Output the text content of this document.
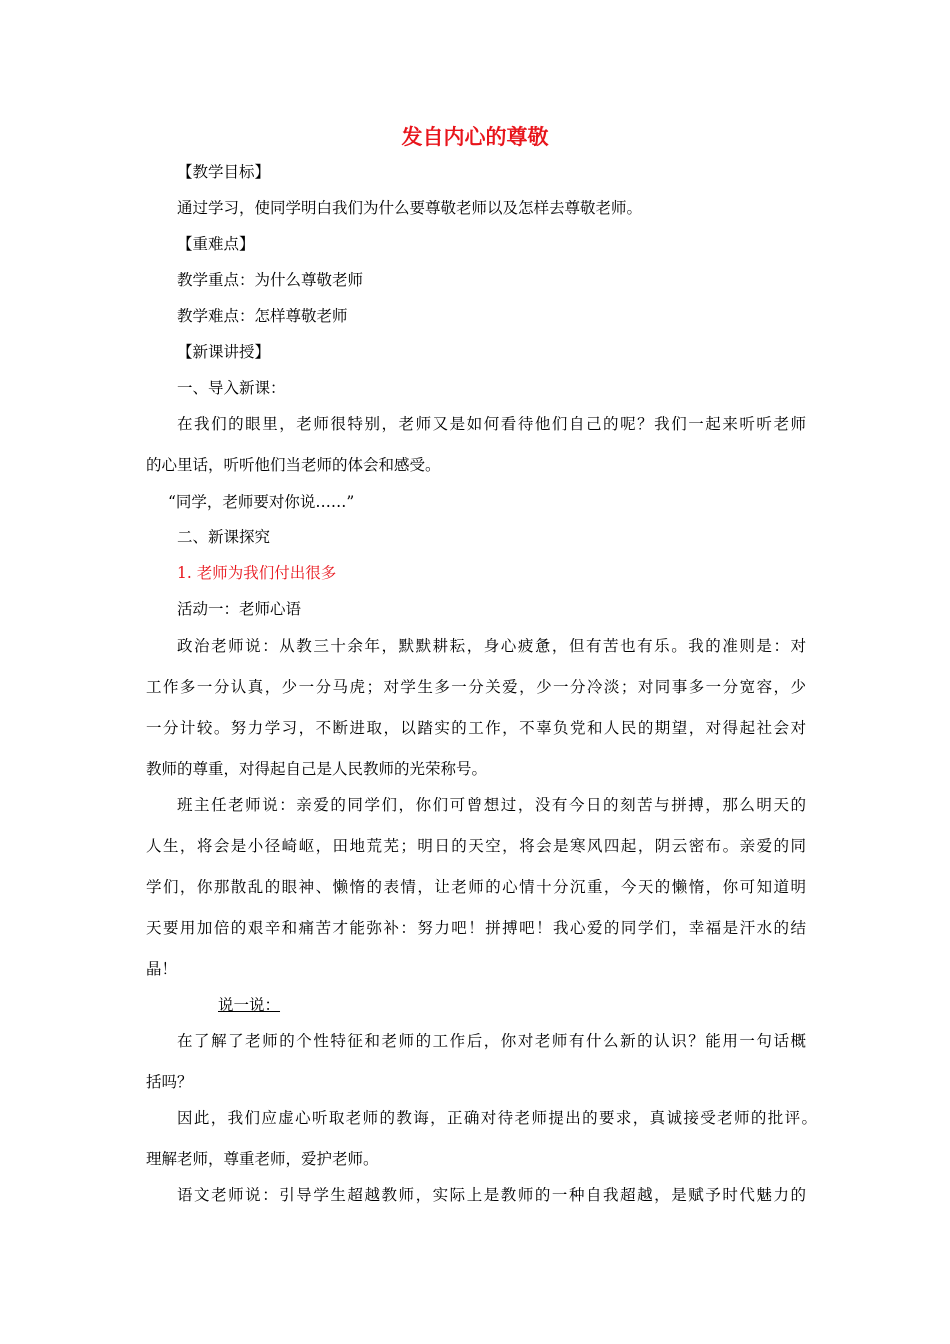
发自内心的尊敬
【教学目标】
通过学习，使同学明白我们为什么要尊敬老师以及怎样去尊敬老师。
【重难点】
教学重点：为什么尊敬老师
教学难点：怎样尊敬老师
【新课讲授】
一、导入新课：
在我们的眼里，老师很特别，老师又是如何看待他们自己的呢？我们一起来听听老师
的心里话，听听他们当老师的体会和感受。
“同学，老师要对你说……”
二、新课探究
1. 老师为我们付出很多
活动一：老师心语
政治老师说：从教三十余年，默默耕耘，身心疲惫，但有苦也有乐。我的准则是：对
工作多一分认真，少一分马虎；对学生多一分关爱，少一分冷淡；对同事多一分宽容，少
一分计较。努力学习，不断进取，以踏实的工作，不辜负党和人民的期望，对得起社会对
教师的尊重，对得起自己是人民教师的光荣称号。
班主任老师说：亲爱的同学们，你们可曾想过，没有今日的刻苦与拼搏，那么明天的
人生，将会是小径崎岖，田地荒芜；明日的天空，将会是寒风四起，阴云密布。亲爱的同
学们，你那散乱的眼神、懒惰的表情，让老师的心情十分沉重，今天的懒惰，你可知道明
天要用加倍的艰辛和痛苦才能弥补：努力吧！拼搏吧！我心爱的同学们，幸福是汗水的结
晶！
说一说：
在了解了老师的个性特征和老师的工作后，你对老师有什么新的认识？能用一句话概
括吗？
因此，我们应虚心听取老师的教诲，正确对待老师提出的要求，真诚接受老师的批评。
理解老师，尊重老师，爱护老师。
语文老师说：引导学生超越教师，实际上是教师的一种自我超越，是赋予时代魅力的
